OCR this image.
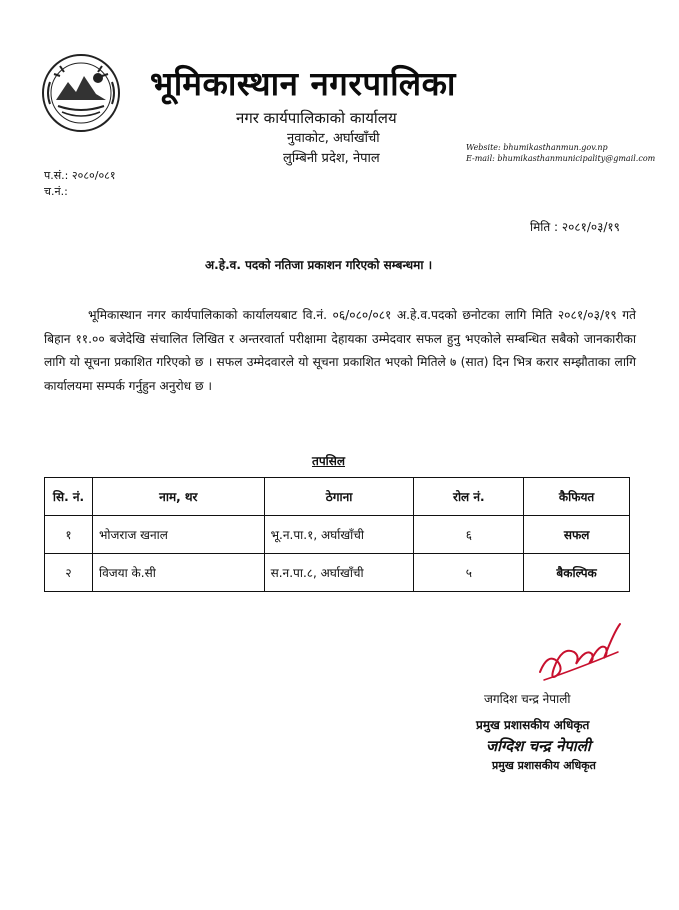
भूमिकास्थान नगरपालिका
नगर कार्यपालिकाको कार्यालय
नुवाकोट, अर्घाखाँची
लुम्बिनी प्रदेश, नेपाल
Website: bhumikasthanmun.gov.np
E-mail: bhumikasthanmunicipality@gmail.com
प.सं.: २०८०/०८१
च.नं.:
मिति : २०८१/०३/१९
अ.हे.व. पदको नतिजा प्रकाशन गरिएको सम्बन्धमा ।
भूमिकास्थान नगर कार्यपालिकाको कार्यालयबाट वि.नं. ०६/०८०/०८१ अ.हे.व.पदको छनोटका लागि मिति २०८१/०३/१९ गते बिहान ११.०० बजेदेखि संचालित लिखित र अन्तरवार्ता परीक्षामा देहायका उम्मेदवार सफल हुनु भएकोले सम्बन्धित सबैको जानकारीका लागि यो सूचना प्रकाशित गरिएको छ । सफल उम्मेदवारले यो सूचना प्रकाशित भएको मितिले ७ (सात) दिन भित्र करार सम्झौताका लागि कार्यालयमा सम्पर्क गर्नुहुन अनुरोध छ ।
तपसिल
सि. नं.	नाम, थर	ठेगाना	रोल नं.	कैफियत
१	भोजराज खनाल	भू.न.पा.१, अर्घाखाँची	६	सफल
२	विजया के.सी	स.न.पा.८, अर्घाखाँची	५	बैकल्पिक
जगदिश चन्द्र नेपाली
प्रमुख प्रशासकीय अधिकृत
जग्दिश चन्द्र नेपाली
प्रमुख प्रशासकीय अधिकृत
